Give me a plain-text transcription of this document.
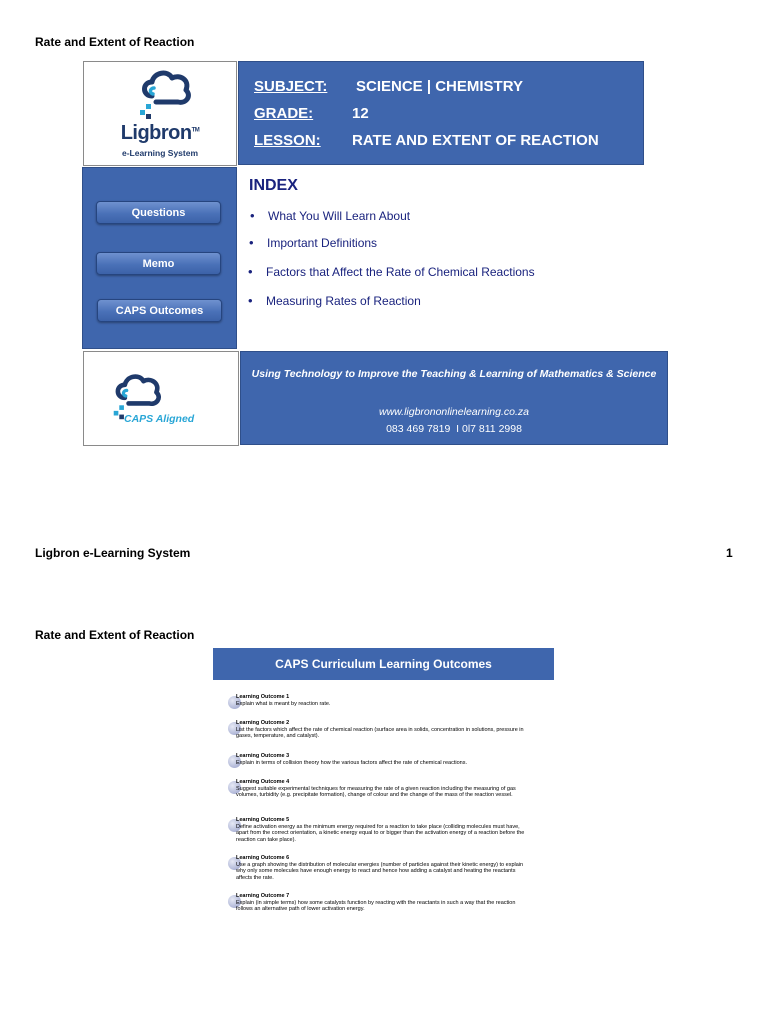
Rate and Extent of Reaction
Ligbron™
e-Learning System
SUBJECT: SCIENCE | CHEMISTRY
GRADE:	12
LESSON: RATE AND EXTENT OF REACTION
Questions
Memo
CAPS Outcomes
INDEX
• What You Will Learn About
• Important Definitions
• Factors that Affect the Rate of Chemical Reactions
• Measuring Rates of Reaction
CAPS Aligned
Using Technology to Improve the Teaching & Learning of Mathematics & Science
www.ligbrononlinelearning.co.za
083 469 7819  I 0l7 811 2998
Ligbron e-Learning System	1
Rate and Extent of Reaction
CAPS Curriculum Learning Outcomes
Learning Outcome 1
Explain what is meant by reaction rate.
Learning Outcome 2
List the factors which affect the rate of chemical reaction (surface area in solids, concentration in solutions, pressure in gases, temperature, and catalyst).
Learning Outcome 3
Explain in terms of collision theory how the various factors affect the rate of chemical reactions.
Learning Outcome 4
Suggest suitable experimental techniques for measuring the rate of a given reaction including the measuring of gas volumes, turbidity (e.g. precipitate formation), change of colour and the change of the mass of the reaction vessel.
Learning Outcome 5
Define activation energy as the minimum energy required for a reaction to take place (colliding molecules must have, apart from the correct orientation, a kinetic energy equal to or bigger than the activation energy of a reaction before the reaction can take place).
Learning Outcome 6
Use a graph showing the distribution of molecular energies (number of particles against their kinetic energy) to explain why only some molecules have enough energy to react and hence how adding a catalyst and heating the reactants affects the rate.
Learning Outcome 7
Explain (in simple terms) how some catalysts function by reacting with the reactants in such a way that the reaction follows an alternative path of lower activation energy.
